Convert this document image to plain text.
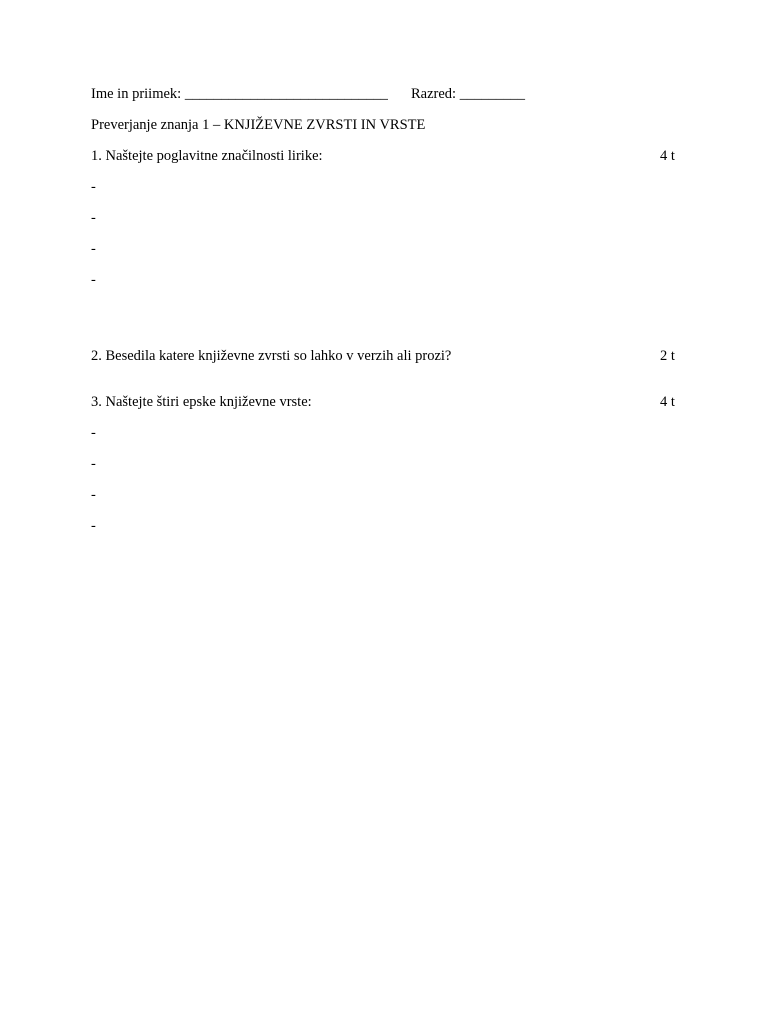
Ime in priimek: ____________________________ Razred: _________
Preverjanje znanja 1 – KNJIŽEVNE ZVRSTI IN VRSTE
1. Naštejte poglavitne značilnosti lirike:	4 t
-
-
-
-
2. Besedila katere književne zvrsti so lahko v verzih ali prozi?	2 t
3. Naštejte štiri epske književne vrste:	4 t
-
-
-
-
